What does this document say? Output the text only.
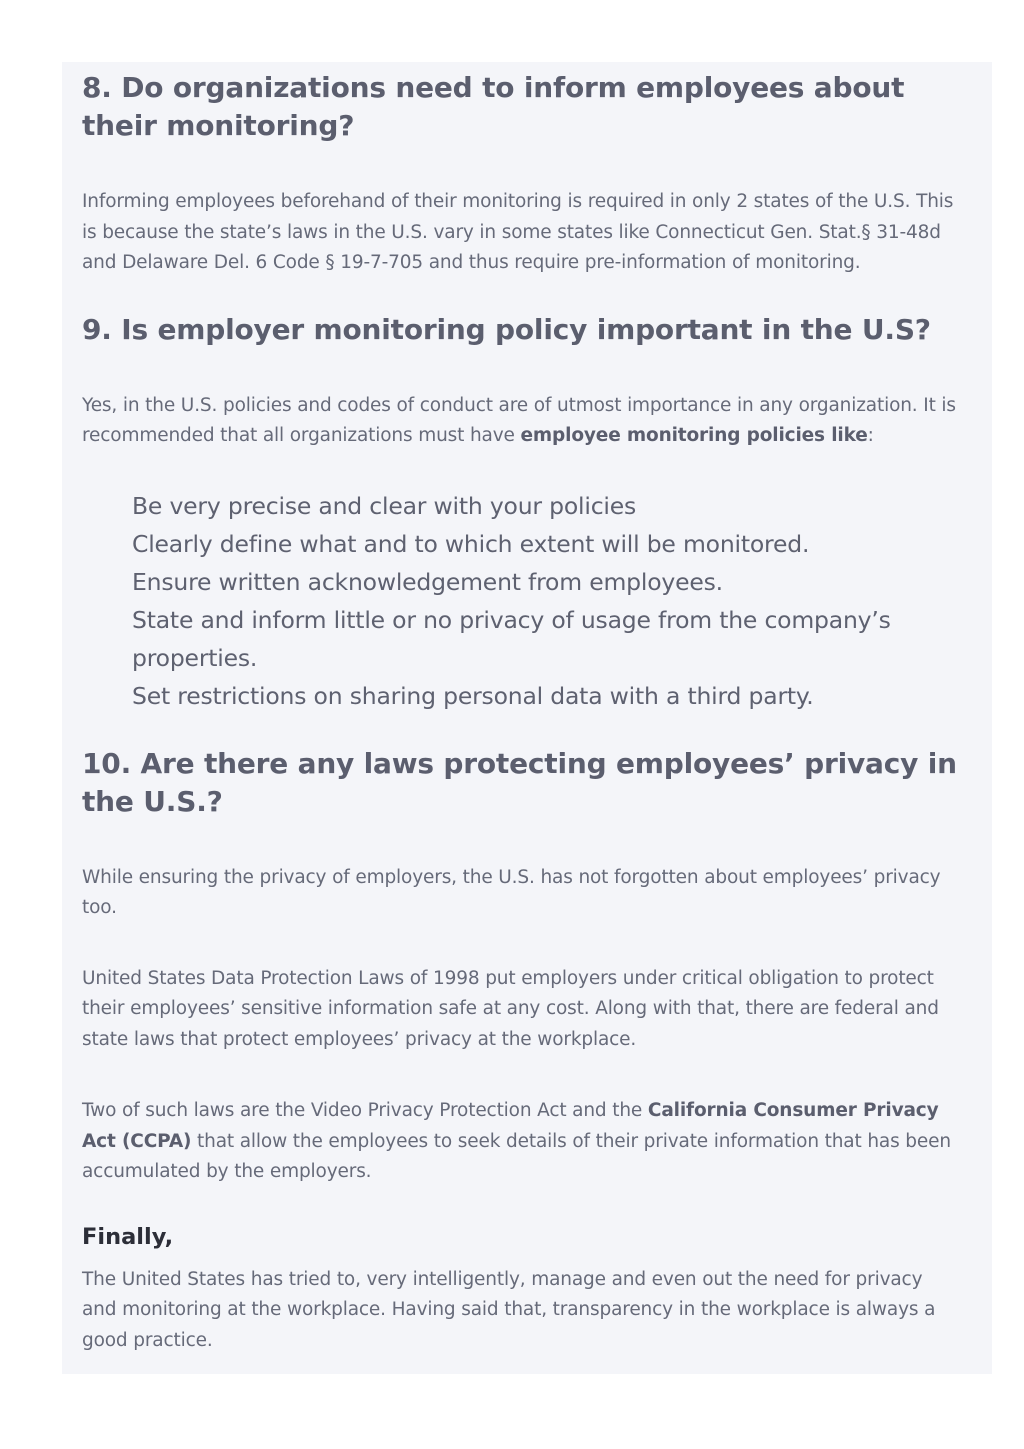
8. Do organizations need to inform employees about their monitoring?

Informing employees beforehand of their monitoring is required in only 2 states of the U.S. This is because the state’s laws in the U.S. vary in some states like Connecticut Gen. Stat.§ 31-48d and Delaware Del. 6 Code § 19-7-705 and thus require pre-information of monitoring.

9. Is employer monitoring policy important in the U.S?

Yes, in the U.S. policies and codes of conduct are of utmost importance in any organization. It is recommended that all organizations must have employee monitoring policies like:

Be very precise and clear with your policies
Clearly define what and to which extent will be monitored.
Ensure written acknowledgement from employees.
State and inform little or no privacy of usage from the company’s properties.
Set restrictions on sharing personal data with a third party.
10. Are there any laws protecting employees’ privacy in the U.S.?

While ensuring the privacy of employers, the U.S. has not forgotten about employees’ privacy too.

United States Data Protection Laws of 1998 put employers under critical obligation to protect their employees’ sensitive information safe at any cost. Along with that, there are federal and state laws that protect employees’ privacy at the workplace.

Two of such laws are the Video Privacy Protection Act and the California Consumer Privacy Act (CCPA) that allow the employees to seek details of their private information that has been accumulated by the employers.

Finally,

The United States has tried to, very intelligently, manage and even out the need for privacy and monitoring at the workplace. Having said that, transparency in the workplace is always a good practice.
